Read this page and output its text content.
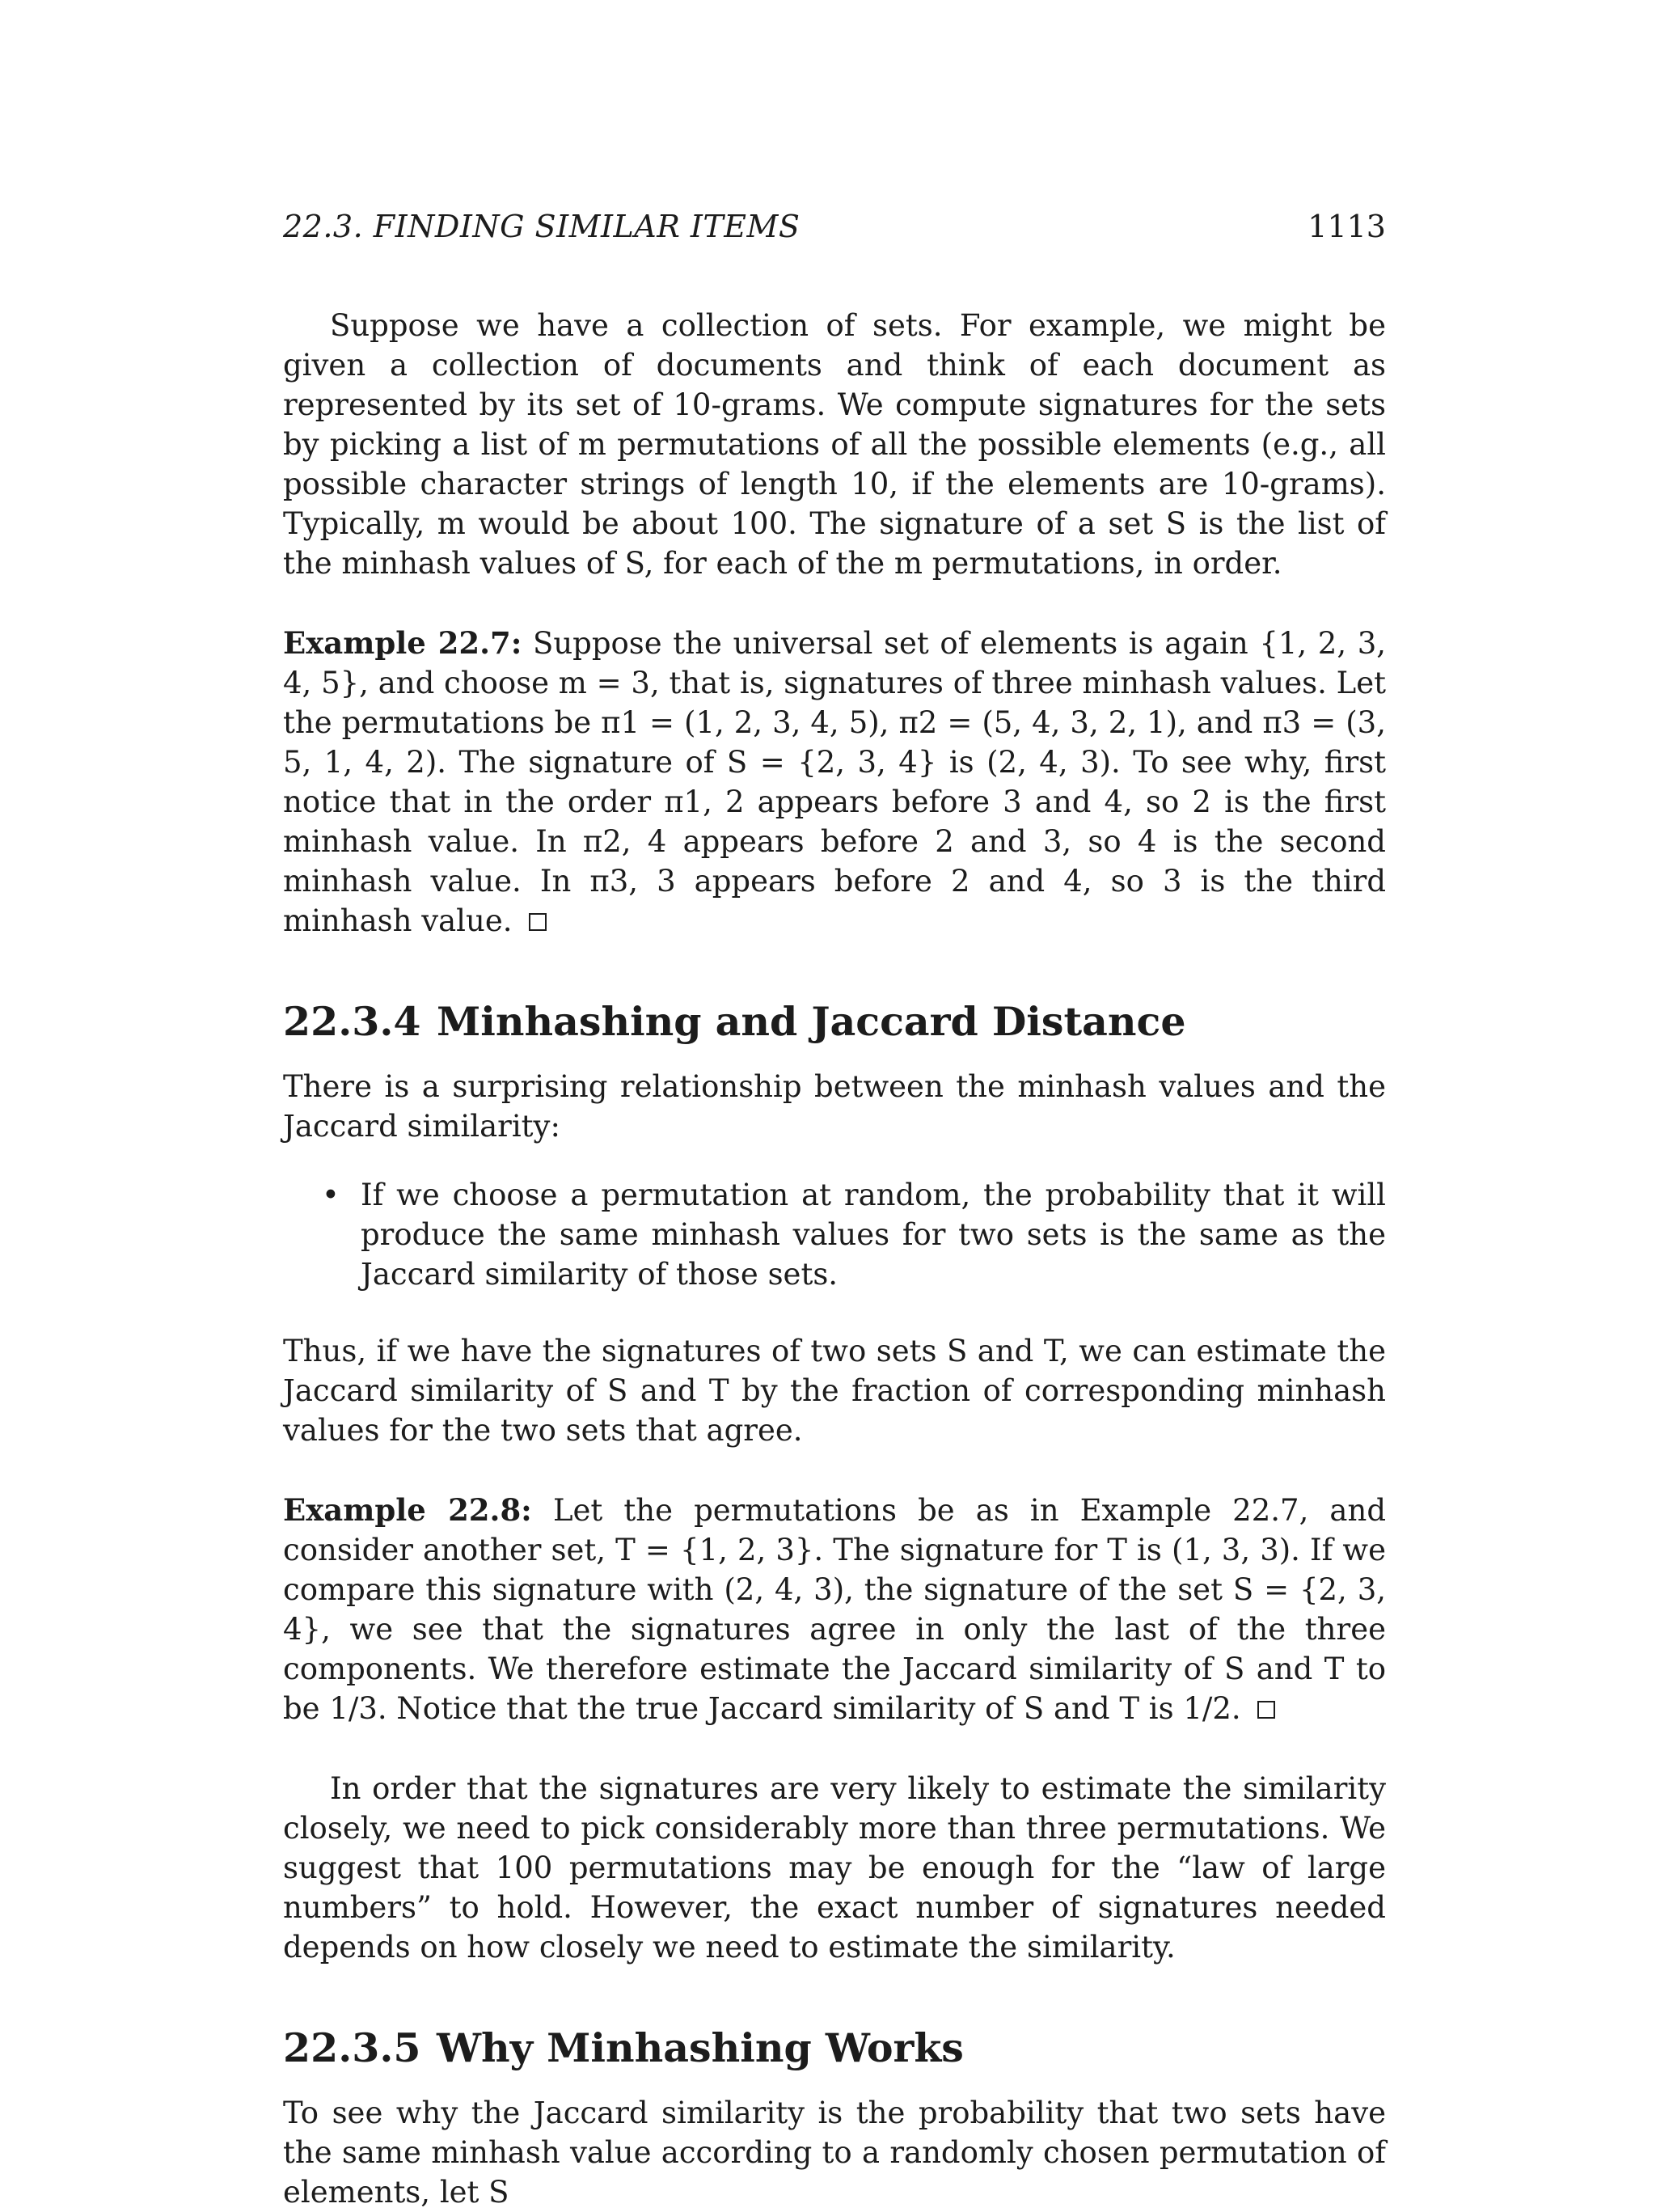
22.3. FINDING SIMILAR ITEMS	1113

Suppose we have a collection of sets. For example, we might be given a collection of documents and think of each document as represented by its set of 10-grams. We compute signatures for the sets by picking a list of m permutations of all the possible elements (e.g., all possible character strings of length 10, if the elements are 10-grams). Typically, m would be about 100. The signature of a set S is the list of the minhash values of S, for each of the m permutations, in order.

Example 22.7: Suppose the universal set of elements is again {1, 2, 3, 4, 5}, and choose m = 3, that is, signatures of three minhash values. Let the permutations be π1 = (1, 2, 3, 4, 5), π2 = (5, 4, 3, 2, 1), and π3 = (3, 5, 1, 4, 2). The signature of S = {2, 3, 4} is (2, 4, 3). To see why, first notice that in the order π1, 2 appears before 3 and 4, so 2 is the first minhash value. In π2, 4 appears before 2 and 3, so 4 is the second minhash value. In π3, 3 appears before 2 and 4, so 3 is the third minhash value.

22.3.4 Minhashing and Jaccard Distance

There is a surprising relationship between the minhash values and the Jaccard similarity:

• If we choose a permutation at random, the probability that it will produce the same minhash values for two sets is the same as the Jaccard similarity of those sets.

Thus, if we have the signatures of two sets S and T, we can estimate the Jaccard similarity of S and T by the fraction of corresponding minhash values for the two sets that agree.

Example 22.8: Let the permutations be as in Example 22.7, and consider another set, T = {1, 2, 3}. The signature for T is (1, 3, 3). If we compare this signature with (2, 4, 3), the signature of the set S = {2, 3, 4}, we see that the signatures agree in only the last of the three components. We therefore estimate the Jaccard similarity of S and T to be 1/3. Notice that the true Jaccard similarity of S and T is 1/2.

In order that the signatures are very likely to estimate the similarity closely, we need to pick considerably more than three permutations. We suggest that 100 permutations may be enough for the “law of large numbers” to hold. However, the exact number of signatures needed depends on how closely we need to estimate the similarity.

22.3.5 Why Minhashing Works

To see why the Jaccard similarity is the probability that two sets have the same minhash value according to a randomly chosen permutation of elements, let S
